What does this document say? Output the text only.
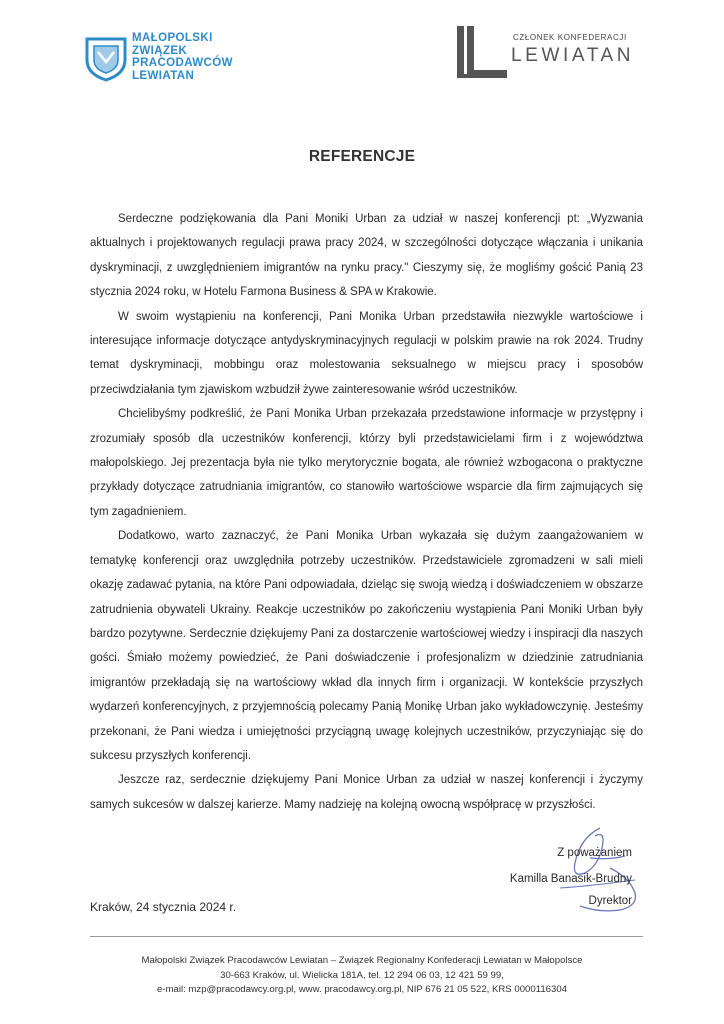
MAŁOPOLSKI
ZWIĄZEK
PRACODAWCÓW
LEWIATAN
CZŁONEK KONFEDERACJI
LEWIATAN
REFERENCJE

Serdeczne podziękowania dla Pani Moniki Urban za udział w naszej konferencji pt: „Wyzwania aktualnych i projektowanych regulacji prawa pracy 2024, w szczególności dotyczące włączania i unikania dyskryminacji, z uwzględnieniem imigrantów na rynku pracy." Cieszymy się, że mogliśmy gościć Panią 23 stycznia 2024 roku, w Hotelu Farmona Business & SPA w Krakowie.

W swoim wystąpieniu na konferencji, Pani Monika Urban przedstawiła niezwykle wartościowe i interesujące informacje dotyczące antydyskryminacyjnych regulacji w polskim prawie na rok 2024. Trudny temat dyskryminacji, mobbingu oraz molestowania seksualnego w miejscu pracy i sposobów przeciwdziałania tym zjawiskom wzbudził żywe zainteresowanie wśród uczestników.

Chcielibyśmy podkreślić, że Pani Monika Urban przekazała przedstawione informacje w przystępny i zrozumiały sposób dla uczestników konferencji, którzy byli przedstawicielami firm i z województwa małopolskiego. Jej prezentacja była nie tylko merytorycznie bogata, ale również wzbogacona o praktyczne przykłady dotyczące zatrudniania imigrantów, co stanowiło wartościowe wsparcie dla firm zajmujących się tym zagadnieniem.

Dodatkowo, warto zaznaczyć, że Pani Monika Urban wykazała się dużym zaangażowaniem w tematykę konferencji oraz uwzględniła potrzeby uczestników. Przedstawiciele zgromadzeni w sali mieli okazję zadawać pytania, na które Pani odpowiadała, dzieląc się swoją wiedzą i doświadczeniem w obszarze zatrudnienia obywateli Ukrainy. Reakcje uczestników po zakończeniu wystąpienia Pani Moniki Urban były bardzo pozytywne. Serdecznie dziękujemy Pani za dostarczenie wartościowej wiedzy i inspiracji dla naszych gości. Śmiało możemy powiedzieć, że Pani doświadczenie i profesjonalizm w dziedzinie zatrudniania imigrantów przekładają się na wartościowy wkład dla innych firm i organizacji. W kontekście przyszłych wydarzeń konferencyjnych, z przyjemnością polecamy Panią Monikę Urban jako wykładowczynię. Jesteśmy przekonani, że Pani wiedza i umiejętności przyciągną uwagę kolejnych uczestników, przyczyniając się do sukcesu przyszłych konferencji.

Jeszcze raz, serdecznie dziękujemy Pani Monice Urban za udział w naszej konferencji i życzymy samych sukcesów w dalszej karierze. Mamy nadzieję na kolejną owocną współpracę w przyszłości.

Z poważaniem
Kamilla Banasik-Brudny
Dyrektor
Kraków, 24 stycznia 2024 r.
Małopolski Związek Pracodawców Lewiatan – Związek Regionalny Konfederacji Lewiatan w Małopolsce
30-663 Kraków, ul. Wielicka 181A, tel. 12 294 06 03, 12 421 59 99,
e-mail: mzp@pracodawcy.org.pl, www. pracodawcy.org.pl, NIP 676 21 05 522, KRS 0000116304
